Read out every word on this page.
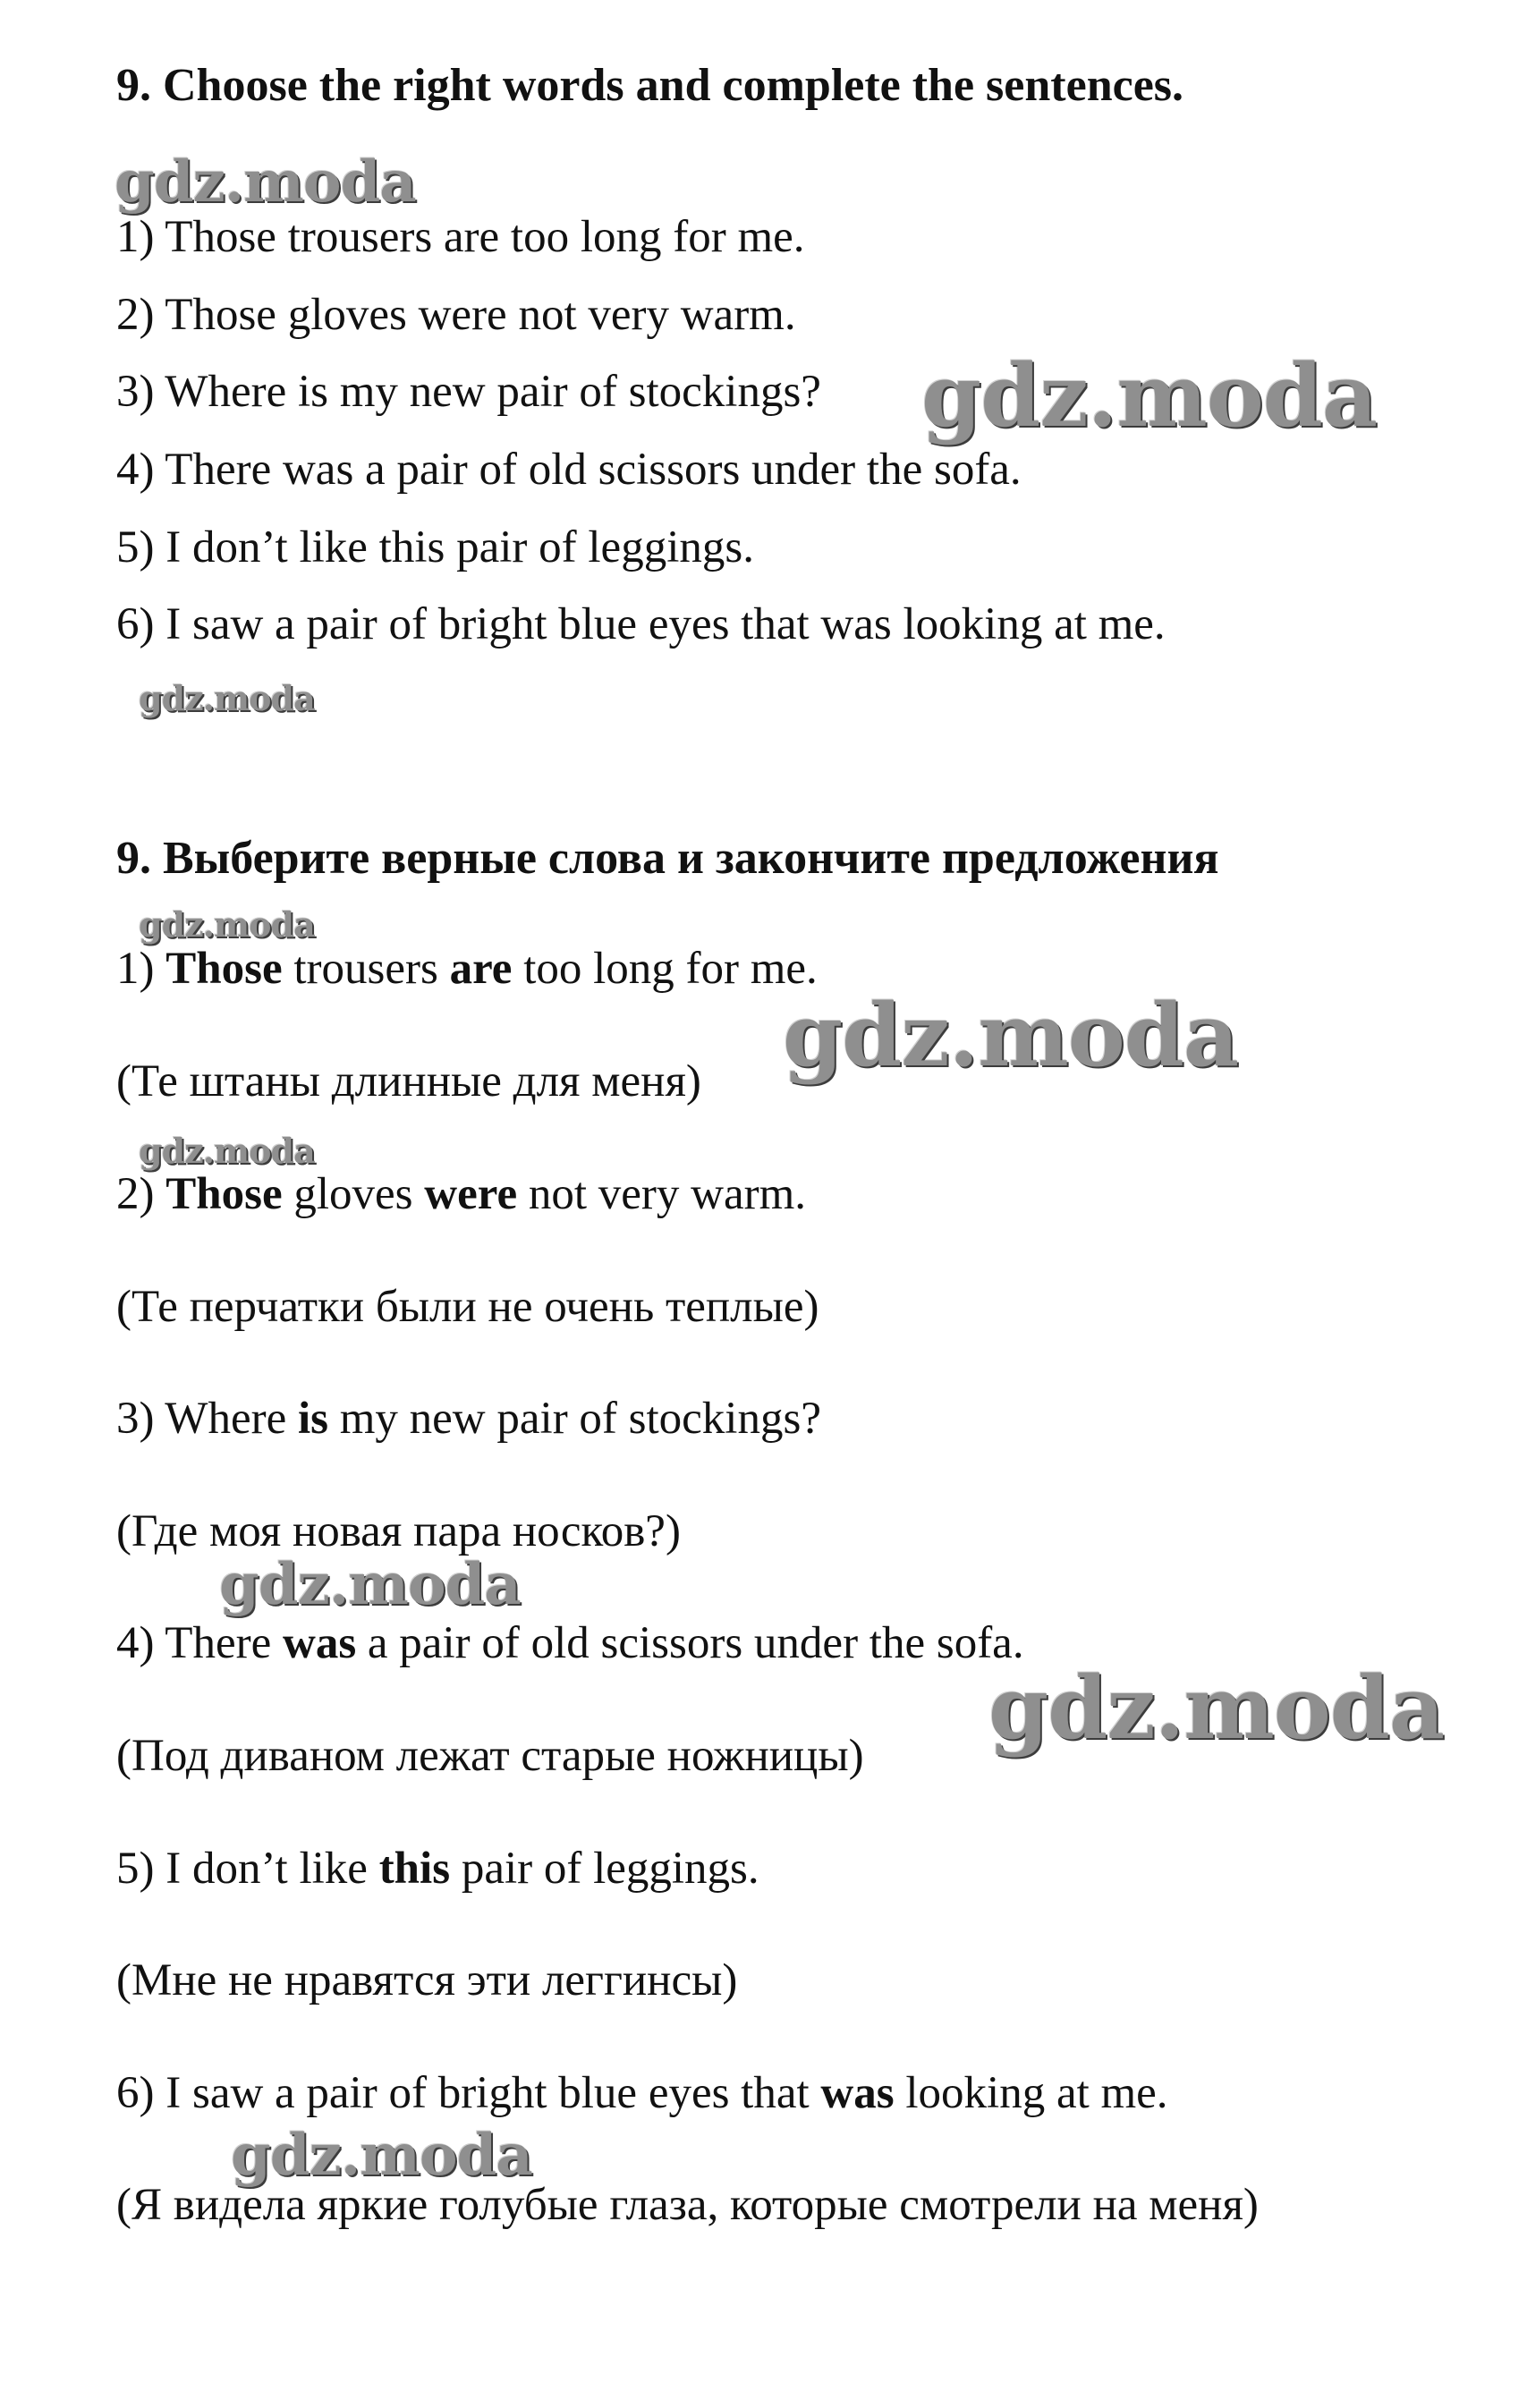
9. Choose the right words and complete the sentences.

1) Those trousers are too long for me.

2) Those gloves were not very warm.

3) Where is my new pair of stockings?

4) There was a pair of old scissors under the sofa.

5) I don’t like this pair of leggings.

6) I saw a pair of bright blue eyes that was looking at me.

9. Выберите верные слова и закончите предложения

1) Those trousers are too long for me.

(Те штаны длинные для меня)

2) Those gloves were not very warm.

(Те перчатки были не очень теплые)

3) Where is my new pair of stockings?

(Где моя новая пара носков?)

4) There was a pair of old scissors under the sofa.

(Под диваном лежат старые ножницы)

5) I don’t like this pair of leggings.

(Мне не нравятся эти леггинсы)

6) I saw a pair of bright blue eyes that was looking at me.

(Я видела яркие голубые глаза, которые смотрели на меня)

gdz.moda
gdz.moda
gdz.moda
gdz.moda
gdz.moda
gdz.moda
gdz.moda
gdz.moda
gdz.moda
